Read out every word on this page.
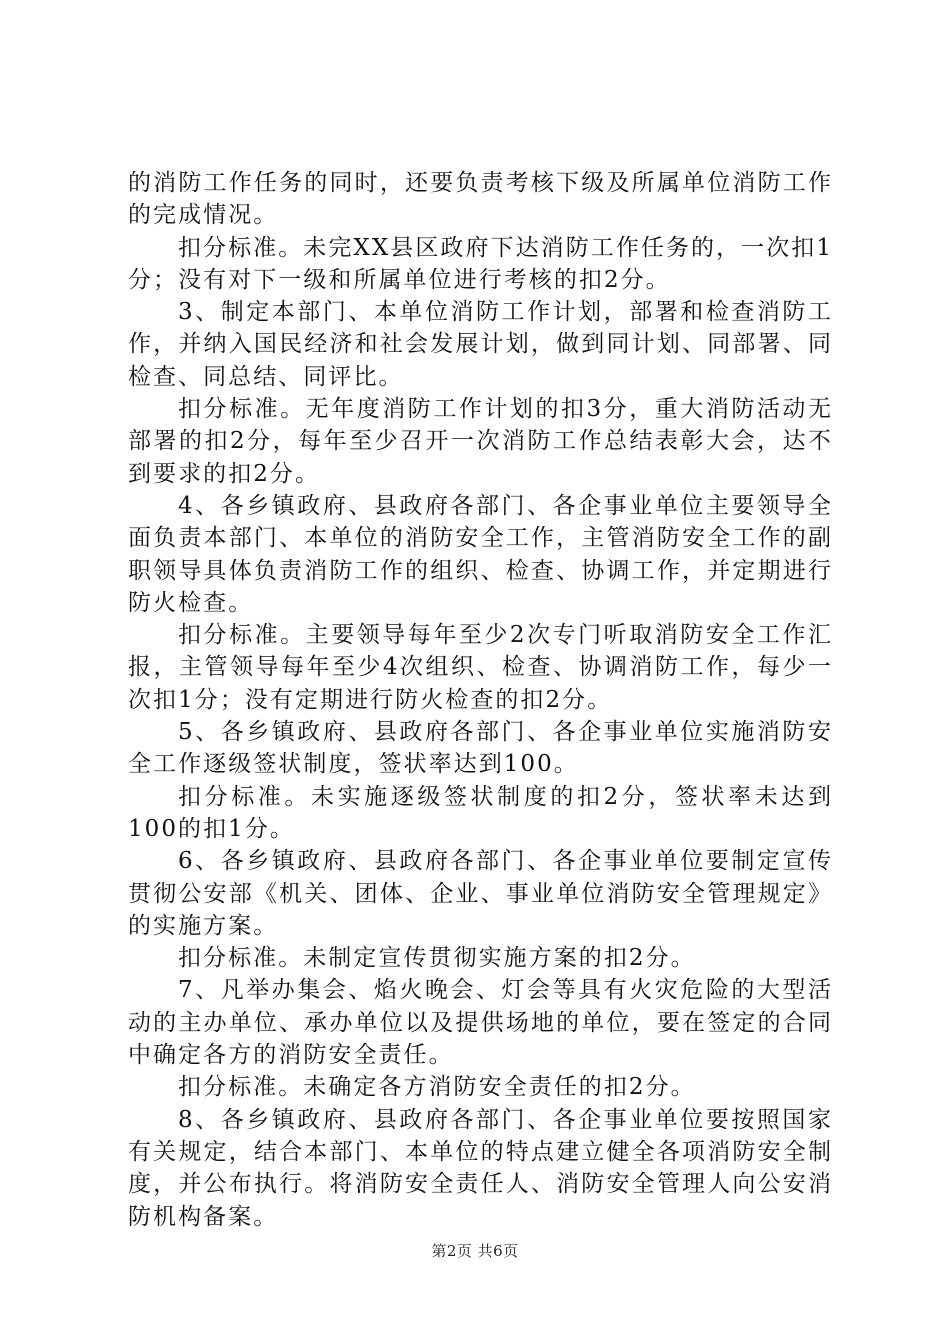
的消防工作任务的同时，还要负责考核下级及所属单位消防工作的完成情况。

扣分标准。未完XX县区政府下达消防工作任务的，一次扣1分；没有对下一级和所属单位进行考核的扣2分。

3、制定本部门、本单位消防工作计划，部署和检查消防工作，并纳入国民经济和社会发展计划，做到同计划、同部署、同检查、同总结、同评比。

扣分标准。无年度消防工作计划的扣3分，重大消防活动无部署的扣2分，每年至少召开一次消防工作总结表彰大会，达不到要求的扣2分。

4、各乡镇政府、县政府各部门、各企事业单位主要领导全面负责本部门、本单位的消防安全工作，主管消防安全工作的副职领导具体负责消防工作的组织、检查、协调工作，并定期进行防火检查。

扣分标准。主要领导每年至少2次专门听取消防安全工作汇报，主管领导每年至少4次组织、检查、协调消防工作，每少一次扣1分；没有定期进行防火检查的扣2分。

5、各乡镇政府、县政府各部门、各企事业单位实施消防安全工作逐级签状制度，签状率达到100。

扣分标准。未实施逐级签状制度的扣2分，签状率未达到100的扣1分。

6、各乡镇政府、县政府各部门、各企事业单位要制定宣传贯彻公安部《机关、团体、企业、事业单位消防安全管理规定》的实施方案。

扣分标准。未制定宣传贯彻实施方案的扣2分。

7、凡举办集会、焰火晚会、灯会等具有火灾危险的大型活动的主办单位、承办单位以及提供场地的单位，要在签定的合同中确定各方的消防安全责任。

扣分标准。未确定各方消防安全责任的扣2分。

8、各乡镇政府、县政府各部门、各企事业单位要按照国家有关规定，结合本部门、本单位的特点建立健全各项消防安全制度，并公布执行。将消防安全责任人、消防安全管理人向公安消防机构备案。

第2页 共6页
